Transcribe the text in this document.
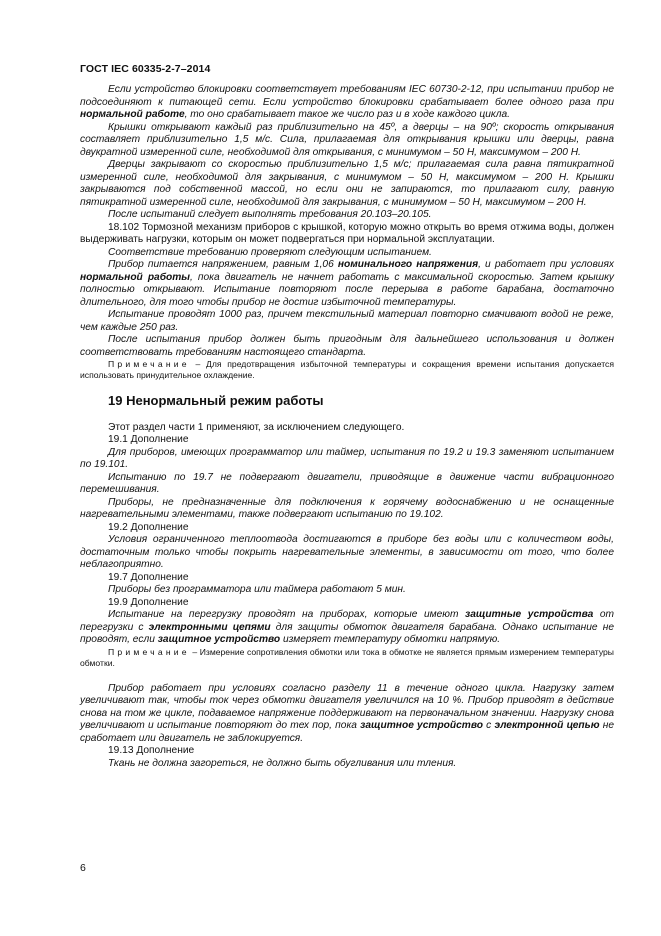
ГОСТ IEC 60335-2-7–2014

Если устройство блокировки соответствует требованиям IEC 60730-2-12, при испытании прибор не подсоединяют к питающей сети. Если устройство блокировки срабатывает более одного раза при нормальной работе, то оно срабатывает такое же число раз и в ходе каждого цикла.

Крышки открывают каждый раз приблизительно на 45º, а дверцы – на 90º; скорость открывания составляет приблизительно 1,5 м/с. Сила, прилагаемая для открывания крышки или дверцы, равна двукратной измеренной силе, необходимой для открывания, с минимумом – 50 Н, максимумом – 200 Н.

Дверцы закрывают со скоростью приблизительно 1,5 м/с; прилагаемая сила равна пятикратной измеренной силе, необходимой для закрывания, с минимумом – 50 Н, максимумом – 200 Н. Крышки закрываются под собственной массой, но если они не запираются, то прилагают силу, равную пятикратной измеренной силе, необходимой для закрывания, с минимумом – 50 Н, максимумом – 200 Н.

После испытаний следует выполнять требования 20.103–20.105.

18.102 Тормозной механизм приборов с крышкой, которую можно открыть во время отжима воды, должен выдерживать нагрузки, которым он может подвергаться при нормальной эксплуатации.

Соответствие требованию проверяют следующим испытанием.

Прибор питается напряжением, равным 1,06 номинального напряжения, и работает при условиях нормальной работы, пока двигатель не начнет работать с максимальной скоростью. Затем крышку полностью открывают. Испытание повторяют после перерыва в работе барабана, достаточно длительного, для того чтобы прибор не достиг избыточной температуры.

Испытание проводят 1000 раз, причем текстильный материал повторно смачивают водой не реже, чем каждые 250 раз.

После испытания прибор должен быть пригодным для дальнейшего использования и должен соответствовать требованиям настоящего стандарта.

Примечание – Для предотвращения избыточной температуры и сокращения времени испытания допускается использовать принудительное охлаждение.

19 Ненормальный режим работы

Этот раздел части 1 применяют, за исключением следующего.

19.1 Дополнение

Для приборов, имеющих программатор или таймер, испытания по 19.2 и 19.3 заменяют испытанием по 19.101.

Испытанию по 19.7 не подвергают двигатели, приводящие в движение части вибрационного перемешивания.

Приборы, не предназначенные для подключения к горячему водоснабжению и не оснащенные нагревательными элементами, также подвергают испытанию по 19.102.

19.2 Дополнение

Условия ограниченного теплоотвода достигаются в приборе без воды или с количеством воды, достаточным только чтобы покрыть нагревательные элементы, в зависимости от того, что более неблагоприятно.

19.7 Дополнение

Приборы без программатора или таймера работают 5 мин.

19.9 Дополнение

Испытание на перегрузку проводят на приборах, которые имеют защитные устройства от перегрузки с электронными цепями для защиты обмоток двигателя барабана. Однако испытание не проводят, если защитное устройство измеряет температуру обмотки напрямую.

Примечание – Измерение сопротивления обмотки или тока в обмотке не является прямым измерением температуры обмотки.

Прибор работает при условиях согласно разделу 11 в течение одного цикла. Нагрузку затем увеличивают так, чтобы ток через обмотки двигателя увеличился на 10 %. Прибор приводят в действие снова на том же цикле, подаваемое напряжение поддерживают на первоначальном значении. Нагрузку снова увеличивают и испытание повторяют до тех пор, пока защитное устройство с электронной цепью не сработает или двигатель не заблокируется.

19.13 Дополнение

Ткань не должна загореться, не должно быть обугливания или тления.

6
